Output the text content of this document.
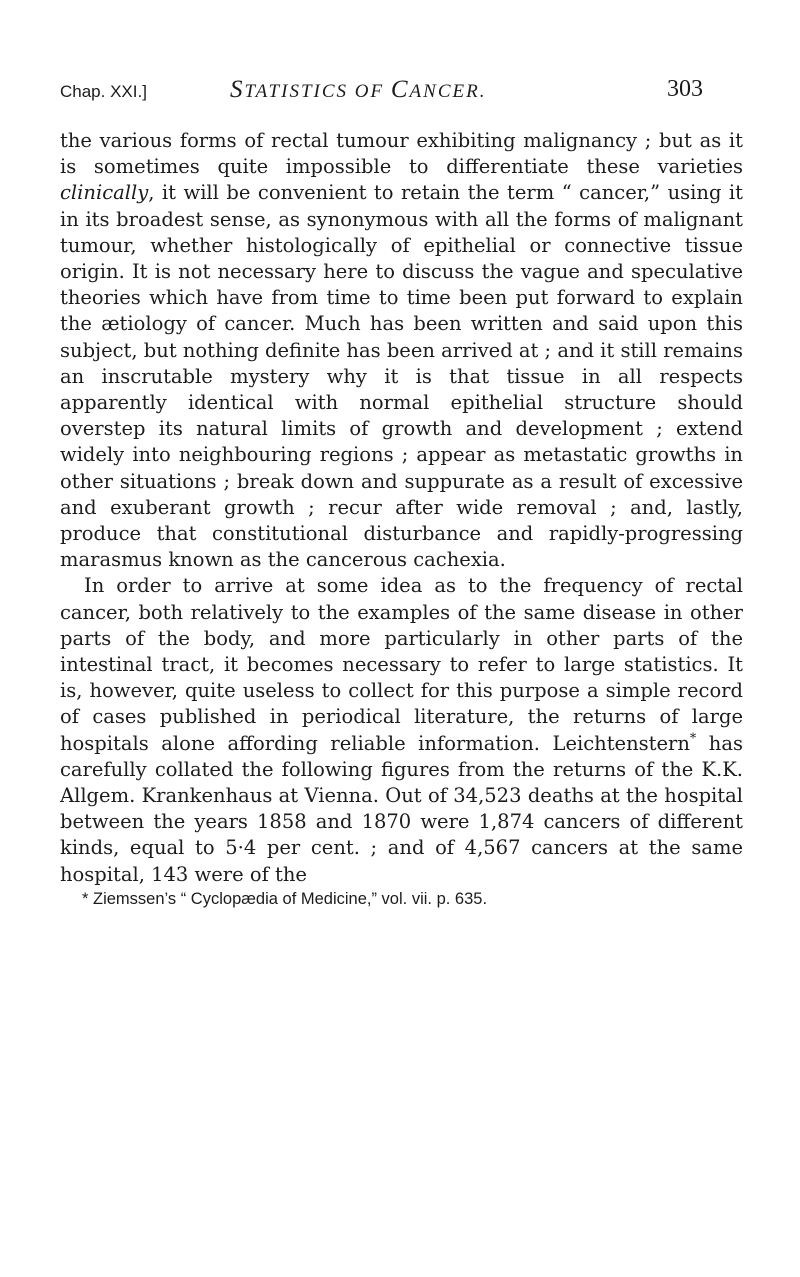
Chap. XXI.]	STATISTICS OF CANCER.	303

the various forms of rectal tumour exhibiting malignancy ; but as it is sometimes quite impossible to differentiate these varieties clinically, it will be convenient to retain the term “ cancer,” using it in its broadest sense, as synonymous with all the forms of malignant tumour, whether histologically of epithelial or connective tissue origin. It is not necessary here to discuss the vague and speculative theories which have from time to time been put forward to explain the ætiology of cancer. Much has been written and said upon this subject, but nothing definite has been arrived at ; and it still remains an inscrutable mystery why it is that tissue in all respects apparently identical with normal epithelial structure should overstep its natural limits of growth and development ; extend widely into neighbouring regions ; appear as metastatic growths in other situations ; break down and suppurate as a result of excessive and exuberant growth ; recur after wide removal ; and, lastly, produce that constitutional disturbance and rapidly-progressing marasmus known as the cancerous cachexia.

In order to arrive at some idea as to the frequency of rectal cancer, both relatively to the examples of the same disease in other parts of the body, and more particularly in other parts of the intestinal tract, it becomes necessary to refer to large statistics. It is, however, quite useless to collect for this purpose a simple record of cases published in periodical literature, the returns of large hospitals alone affording reliable information. Leichtenstern* has carefully collated the following figures from the returns of the K.K. Allgem. Krankenhaus at Vienna. Out of 34,523 deaths at the hospital between the years 1858 and 1870 were 1,874 cancers of different kinds, equal to 5·4 per cent. ; and of 4,567 cancers at the same hospital, 143 were of the

* Ziemssen’s “ Cyclopædia of Medicine,” vol. vii. p. 635.
